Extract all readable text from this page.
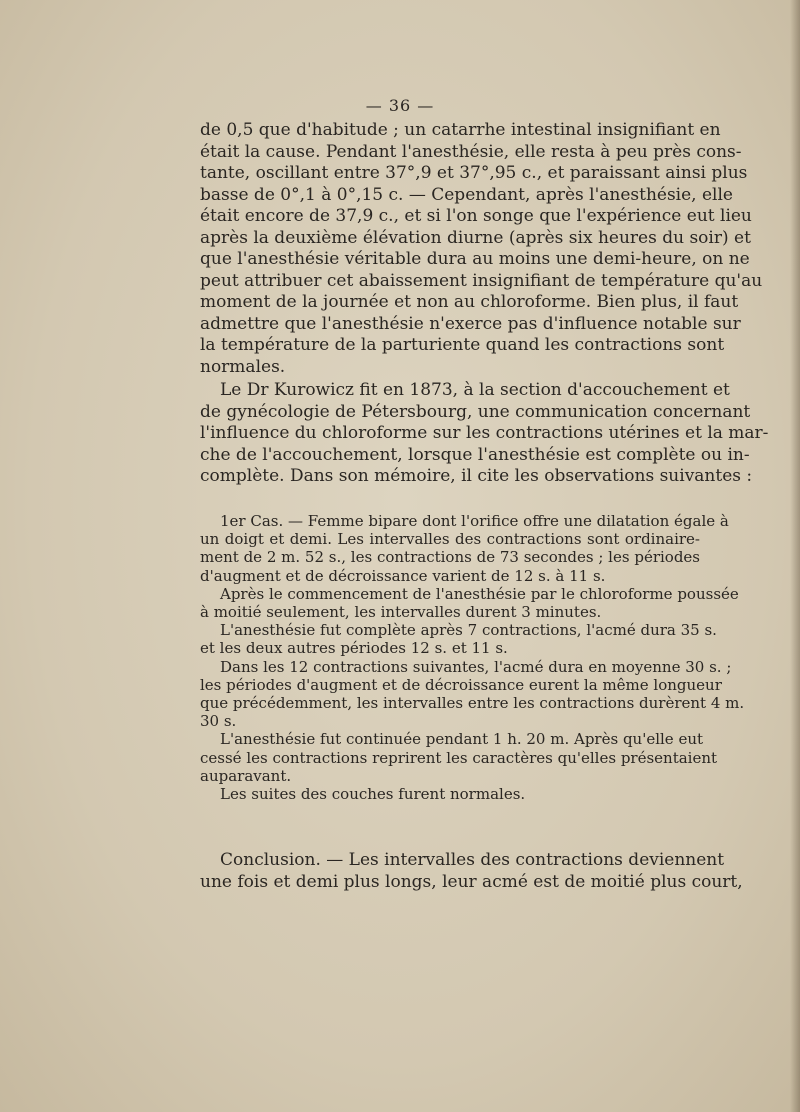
— 36 —
de 0,5 que d'habitude ; un catarrhe intestinal insignifiant en
était la cause. Pendant l'anesthésie, elle resta à peu près cons-
tante, oscillant entre 37°,9 et 37°,95 c., et paraissant ainsi plus
basse de 0°,1 à 0°,15 c. — Cependant, après l'anesthésie, elle
était encore de 37,9 c., et si l'on songe que l'expérience eut lieu
après la deuxième élévation diurne (après six heures du soir) et
que l'anesthésie véritable dura au moins une demi-heure, on ne
peut attribuer cet abaissement insignifiant de température qu'au
moment de la journée et non au chloroforme. Bien plus, il faut
admettre que l'anesthésie n'exerce pas d'influence notable sur
la température de la parturiente quand les contractions sont
normales.
Le Dr Kurowicz fit en 1873, à la section d'accouchement et
de gynécologie de Pétersbourg, une communication concernant
l'influence du chloroforme sur les contractions utérines et la mar-
che de l'accouchement, lorsque l'anesthésie est complète ou in-
complète. Dans son mémoire, il cite les observations suivantes :
1er Cas. — Femme bipare dont l'orifice offre une dilatation égale à
un doigt et demi. Les intervalles des contractions sont ordinaire-
ment de 2 m. 52 s., les contractions de 73 secondes ; les périodes
d'augment et de décroissance varient de 12 s. à 11 s.
Après le commencement de l'anesthésie par le chloroforme poussée
à moitié seulement, les intervalles durent 3 minutes.
L'anesthésie fut complète après 7 contractions, l'acmé dura 35 s.
et les deux autres périodes 12 s. et 11 s.
Dans les 12 contractions suivantes, l'acmé dura en moyenne 30 s. ;
les périodes d'augment et de décroissance eurent la même longueur
que précédemment, les intervalles entre les contractions durèrent 4 m.
30 s.
L'anesthésie fut continuée pendant 1 h. 20 m. Après qu'elle eut
cessé les contractions reprirent les caractères qu'elles présentaient
auparavant.
Les suites des couches furent normales.
Conclusion. — Les intervalles des contractions deviennent
une fois et demi plus longs, leur acmé est de moitié plus court,
